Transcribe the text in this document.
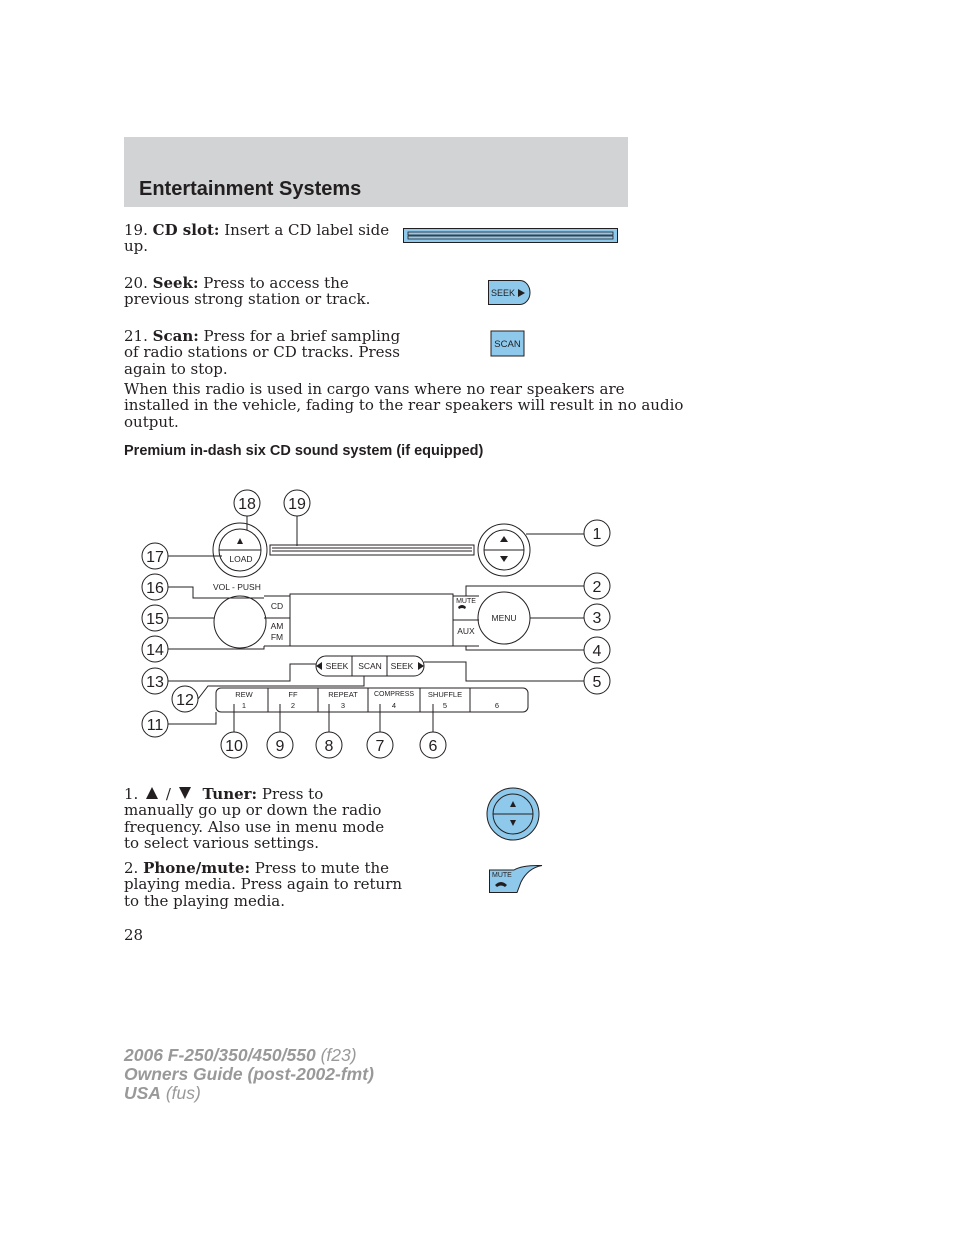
Entertainment Systems
19. CD slot: Insert a CD label side
up.
20. Seek: Press to access the
previous strong station or track.	SEEK
21. Scan: Press for a brief sampling
of radio stations or CD tracks. Press
again to stop.
SCAN
When this radio is used in cargo vans where no rear speakers are
installed in the vehicle, fading to the rear speakers will result in no audio
output.
Premium in-dash six CD sound system (if equipped)
LOAD
VOL - PUSH
CD
AM
FM
MUTE
AUX
MENU
SEEK SCAN SEEK
REW
1
FF
2
REPEAT
3
COMPRESS
4
SHUFFLE
5	6
1
2
3
4
5
6
7
8
9
10
11
12
13
14
15
16
17
18 19
1. / Tuner: Press to
manually go up or down the radio
frequency. Also use in menu mode
to select various settings.
2. Phone/mute: Press to mute the
playing media. Press again to return
to the playing media.
MUTE
28
2006 F-250/350/450/550 (f23)
Owners Guide (post-2002-fmt)
USA (fus)
